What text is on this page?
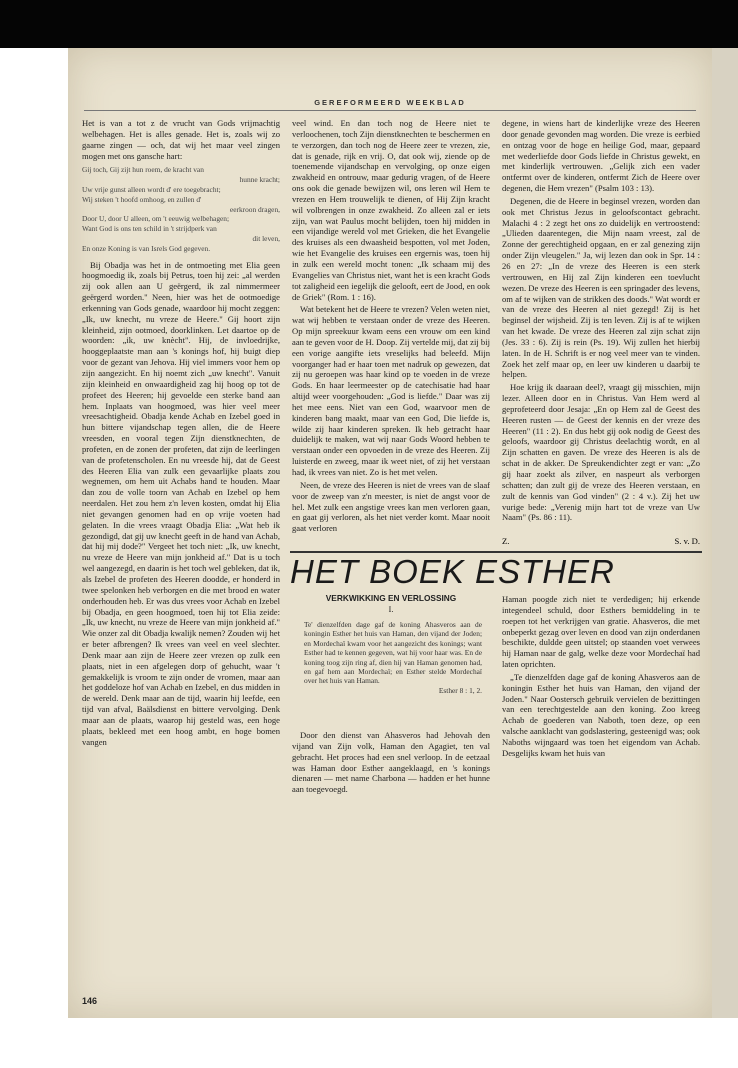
GEREFORMEERD WEEKBLAD

Het is van a tot z de vrucht van Gods vrijmachtig welbehagen. Het is alles genade. Het is, zoals wij zo gaarne zingen — och, dat wij het maar veel zingen mogen met ons gansche hart:

Gij toch, Gij zijt hun roem, de kracht van
hunne kracht;
Uw vrije gunst alleen wordt d' ere toegebracht;
Wij steken 't hoofd omhoog, en zullen d'
eerkroon dragen,
Door U, door U alleen, om 't eeuwig welbehagen;
Want God is ons ten schild in 't strijdperk van
dit leven,
En onze Koning is van Isrels God gegeven.

Bij Obadja was het in de ontmoeting met Elia geen hoogmoedig ik, zoals bij Petrus, toen hij zei: „al werden zij ook allen aan U geërgerd, ik zal nimmermeer geërgerd worden." Neen, hier was het de ootmoedige erkenning van Gods genade, waardoor hij mocht zeggen: „Ik, uw knecht, nu vreze de Heere." Gij hoort zijn kleinheid, zijn ootmoed, doorklinken. Let daartoe op de woorden: „ik, uw knècht". Hij, de invloedrijke, hooggeplaatste man aan 's konings hof, hij buigt diep voor de gezant van Jehova. Hij viel immers voor hem op zijn aangezicht. En hij noemt zich „uw knecht". Vanuit zijn kleinheid en onwaardigheid zag hij hoog op tot de profeet des Heeren; hij gevoelde een sterke band aan hem. Inplaats van hoogmoed, was hier veel meer vreesachtigheid. Obadja kende Achab en Izebel goed in hun bittere vijandschap tegen allen, die de Heere vreesden, en vooral tegen Zijn dienstknechten, de profeten, en de zonen der profeten, dat zijn de leerlingen van de profetenscholen. En nu vreesde hij, dat de Geest des Heeren Elia van zulk een gevaarlijke plaats zou wegnemen, om hem uit Achabs hand te houden. Maar dan zou de volle toorn van Achab en Izebel op hem neerdalen. Het zou hem z'n leven kosten, omdat hij Elia niet gevangen genomen had en op vrije voeten had gelaten. In die vrees vraagt Obadja Elia: „Wat heb ik gezondigd, dat gij uw knecht geeft in de hand van Achab, dat hij mij dode?" Vergeet het toch niet: „Ik, uw knecht, nu vreze de Heere van mijn jonkheid af." Dat is u toch wel aangezegd, en daarin is het toch wel gebleken, dat ik, als Izebel de profeten des Heeren doodde, er honderd in twee spelonken heb verborgen en die met brood en water onderhouden heb. Er was dus vrees voor Achab en Izebel bij Obadja, en geen hoogmoed, toen hij tot Elia zeide: „Ik, uw knecht, nu vreze de Heere van mijn jonkheid af." Wie onzer zal dit Obadja kwalijk nemen? Zouden wij het er beter afbrengen? Ik vrees van veel en veel slechter. Denk maar aan zijn de Heere zeer vrezen op zulk een plaats, niet in een afgelegen dorp of gehucht, waar 't gemakkelijk is vroom te zijn onder de vromen, maar aan het goddeloze hof van Achab en Izebel, en dus midden in de wereld. Denk maar aan de tijd, waarin hij leefde, een tijd van afval, Baälsdienst en bittere vervolging. Denk maar aan de plaats, waarop hij gesteld was, een hoge plaats, bekleed met een hoog ambt, en hoge bomen vangen

veel wind. En dan toch nog de Heere niet te verloochenen, toch Zijn dienstknechten te beschermen en te verzorgen, dan toch nog de Heere zeer te vrezen, zie, dat is genade, rijk en vrij. O, dat ook wij, ziende op de toenemende vijandschap en vervolging, op onze eigen zwakheid en ontrouw, maar gedurig vragen, of de Heere ons ook die genade bewijzen wil, ons leren wil Hem te vrezen en Hem trouwelijk te dienen, of Hij Zijn kracht wil volbrengen in onze zwakheid. Zo alleen zal er iets zijn, van wat Paulus mocht belijden, toen hij midden in een vijandige wereld vol met Grieken, die het Evangelie des kruises als een dwaasheid bespotten, vol met Joden, wie het Evangelie des kruises een ergernis was, toen hij in zulk een wereld mocht tonen: „Ik schaam mij des Evangelies van Christus niet, want het is een kracht Gods tot zaligheid een iegelijk die gelooft, eert de Jood, en ook de Griek" (Rom. 1 : 16).

Wat betekent het de Heere te vrezen? Velen weten niet, wat wij hebben te verstaan onder de vreze des Heeren. Op mijn spreekuur kwam eens een vrouw om een kind aan te geven voor de H. Doop. Zij vertelde mij, dat zij bij een vorige aangifte iets vreselijks had beleefd. Mijn voorganger had er haar toen met nadruk op gewezen, dat zij nu geroepen was haar kind op te voeden in de vreze Gods. En haar leermeester op de catechisatie had haar altijd weer voorgehouden: „God is liefde." Daar was zij het mee eens. Niet van een God, waarvoor men de kinderen bang maakt, maar van een God, Die liefde is, wilde zij haar kinderen spreken. Ik heb getracht haar duidelijk te maken, wat wij naar Gods Woord hebben te verstaan onder een opvoeden in de vreze des Heeren. Zij luisterde en zweeg, maar ik weet niet, of zij het verstaan had, ik vrees van niet. Zo is het met velen.

Neen, de vreze des Heeren is niet de vrees van de slaaf voor de zweep van z'n meester, is niet de angst voor de hel. Met zulk een angstige vrees kan men verloren gaan, en gaat gij verloren, als het niet verder komt. Maar nooit gaat verloren

degene, in wiens hart de kinderlijke vreze des Heeren door genade gevonden mag worden. Die vreze is eerbied en ontzag voor de hoge en heilige God, maar, gepaard met wederliefde door Gods liefde in Christus gewekt, en met kinderlijk vertrouwen. „Gelijk zich een vader ontfermt over de kinderen, ontfermt Zich de Heere over degenen, die Hem vrezen" (Psalm 103 : 13).

Degenen, die de Heere in beginsel vrezen, worden dan ook met Christus Jezus in geloofscontact gebracht. Malachi 4 : 2 zegt het ons zo duidelijk en vertroostend: „Ulieden daarentegen, die Mijn naam vreest, zal de Zonne der gerechtigheid opgaan, en er zal genezing zijn onder Zijn vleugelen." Ja, wij lezen dan ook in Spr. 14 : 26 en 27: „In de vreze des Heeren is een sterk vertrouwen, en Hij zal Zijn kinderen een toevlucht wezen. De vreze des Heeren is een springader des levens, om af te wijken van de strikken des doods." Wat wordt er van de vreze des Heeren al niet gezegd! Zij is het beginsel der wijsheid. Zij is ten leven. Zij is af te wijken van het kwade. De vreze des Heeren zal zijn schat zijn (Jes. 33 : 6). Zij is rein (Ps. 19). Wij zullen het hierbij laten. In de H. Schrift is er nog veel meer van te vinden. Zoek het zelf maar op, en leer uw kinderen u daarbij te helpen.

Hoe krijg ik daaraan deel?, vraagt gij misschien, mijn lezer. Alleen door en in Christus. Van Hem werd al geprofeteerd door Jesaja: „En op Hem zal de Geest des Heeren rusten — de Geest der kennis en der vreze des Heeren" (11 : 2). En dus hebt gij ook nodig de Geest des geloofs, waardoor gij Christus deelachtig wordt, en al Zijn schatten en gaven. De vreze des Heeren is als de schat in de akker. De Spreukendichter zegt er van: „Zo gij haar zoekt als zilver, en naspeurt als verborgen schatten; dan zult gij de vreze des Heeren verstaan, en zult de kennis van God vinden" (2 : 4 v.). Zij het uw vurige bede: „Verenig mijn hart tot de vreze van Uw Naam" (Ps. 86 : 11).

Z.	S. v. D.
HET BOEK ESTHER
VERKWIKKING EN VERLOSSING
I.
Te' dienzelfden dage gaf de koning Ahasveros aan de koningin Esther het huis van Haman, den vijand der Joden; en Mordechaï kwam voor het aangezicht des konings; want Esther had te kennen gegeven, wat hij voor haar was. En de koning toog zijn ring af, dien hij van Haman genomen had, en gaf hem aan Mordechaï; en Esther stelde Mordechaï over het huis van Haman.
Esther 8 : 1, 2.

Door den dienst van Ahasveros had Jehovah den vijand van Zijn volk, Haman den Agagiet, ten val gebracht. Het proces had een snel verloop. In de eetzaal was Haman door Esther aangeklaagd, en 's konings dienaren — met name Charbona — hadden er het hunne aan toegevoegd.

Haman poogde zich niet te verdedigen; hij erkende integendeel schuld, door Esthers bemiddeling in te roepen tot het verkrijgen van gratie. Ahasveros, die met onbeperkt gezag over leven en dood van zijn onderdanen beschikte, duldde geen uitstel; op staanden voet verwees hij Haman naar de galg, welke deze voor Mordechaï had laten oprichten.

„Te dienzelfden dage gaf de koning Ahasveros aan de koningin Esther het huis van Haman, den vijand der Joden." Naar Oostersch gebruik vervielen de bezittingen van een terechtgestelde aan den koning. Zoo kreeg Achab de goederen van Naboth, toen deze, op een valsche aanklacht van godslastering, gesteenigd was; ook Naboths wijngaard was toen het eigendom van Achab. Desgelijks kwam het huis van

146
